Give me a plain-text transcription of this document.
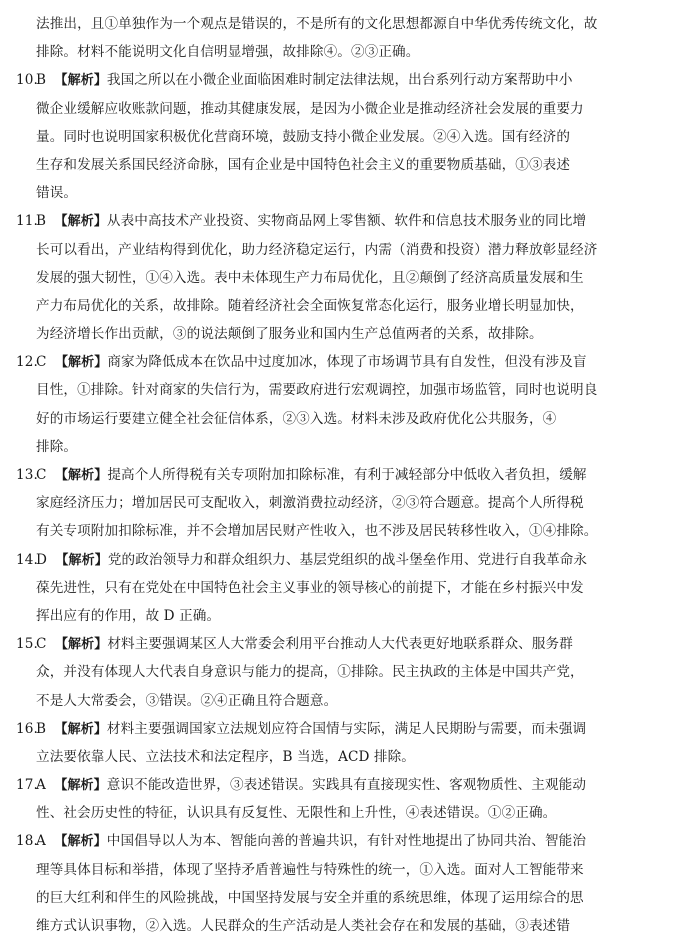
法推出，且①单独作为一个观点是错误的，不是所有的文化思想都源自中华优秀传统文化，故
排除。材料不能说明文化自信明显增强，故排除④。②③正确。
10.B 【解析】我国之所以在小微企业面临困难时制定法律法规，出台系列行动方案帮助中小
微企业缓解应收账款问题，推动其健康发展，是因为小微企业是推动经济社会发展的重要力
量。同时也说明国家积极优化营商环境，鼓励支持小微企业发展。②④入选。国有经济的
生存和发展关系国民经济命脉，国有企业是中国特色社会主义的重要物质基础，①③表述
错误。
11.B 【解析】从表中高技术产业投资、实物商品网上零售额、软件和信息技术服务业的同比增
长可以看出，产业结构得到优化，助力经济稳定运行，内需（消费和投资）潜力释放彰显经济
发展的强大韧性，①④入选。表中未体现生产力布局优化，且②颠倒了经济高质量发展和生
产力布局优化的关系，故排除。随着经济社会全面恢复常态化运行，服务业增长明显加快，
为经济增长作出贡献，③的说法颠倒了服务业和国内生产总值两者的关系，故排除。
12.C 【解析】商家为降低成本在饮品中过度加冰，体现了市场调节具有自发性，但没有涉及盲
目性，①排除。针对商家的失信行为，需要政府进行宏观调控，加强市场监管，同时也说明良
好的市场运行要建立健全社会征信体系，②③入选。材料未涉及政府优化公共服务，④
排除。
13.C 【解析】提高个人所得税有关专项附加扣除标准，有利于减轻部分中低收入者负担，缓解
家庭经济压力；增加居民可支配收入，刺激消费拉动经济，②③符合题意。提高个人所得税
有关专项附加扣除标准，并不会增加居民财产性收入，也不涉及居民转移性收入，①④排除。
14.D 【解析】党的政治领导力和群众组织力、基层党组织的战斗堡垒作用、党进行自我革命永
葆先进性，只有在党处在中国特色社会主义事业的领导核心的前提下，才能在乡村振兴中发
挥出应有的作用，故 D 正确。
15.C 【解析】材料主要强调某区人大常委会利用平台推动人大代表更好地联系群众、服务群
众，并没有体现人大代表自身意识与能力的提高，①排除。民主执政的主体是中国共产党，
不是人大常委会，③错误。②④正确且符合题意。
16.B 【解析】材料主要强调国家立法规划应符合国情与实际，满足人民期盼与需要，而未强调
立法要依靠人民、立法技术和法定程序，B 当选，ACD 排除。
17.A 【解析】意识不能改造世界，③表述错误。实践具有直接现实性、客观物质性、主观能动
性、社会历史性的特征，认识具有反复性、无限性和上升性，④表述错误。①②正确。
18.A 【解析】中国倡导以人为本、智能向善的普遍共识，有针对性地提出了协同共治、智能治
理等具体目标和举措，体现了坚持矛盾普遍性与特殊性的统一，①入选。面对人工智能带来
的巨大红利和伴生的风险挑战，中国坚持发展与安全并重的系统思维，体现了运用综合的思
维方式认识事物，②入选。人民群众的生产活动是人类社会存在和发展的基础，③表述错
